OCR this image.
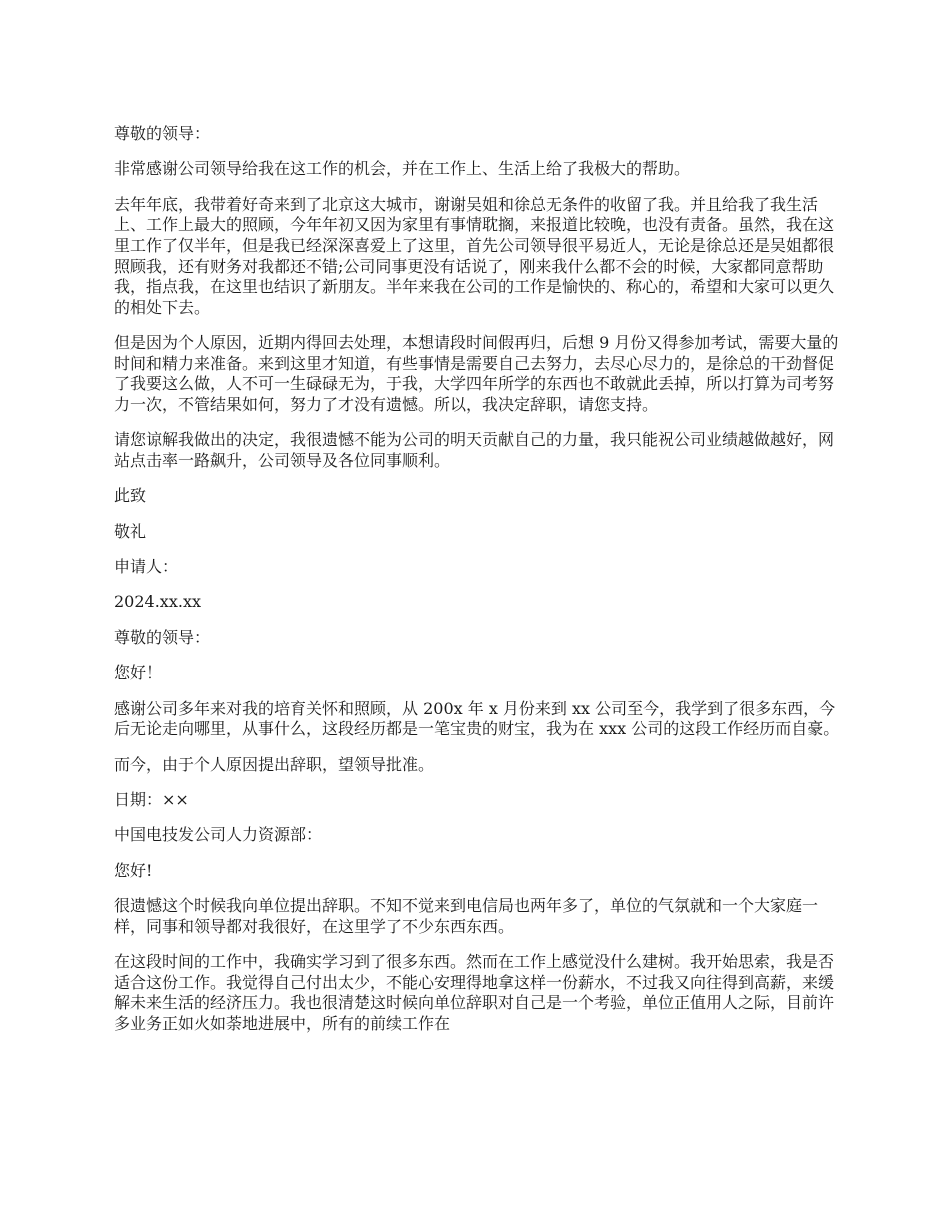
尊敬的领导：

非常感谢公司领导给我在这工作的机会，并在工作上、生活上给了我极大的帮助。

去年年底，我带着好奇来到了北京这大城市，谢谢吴姐和徐总无条件的收留了我。并且给我了我生活上、工作上最大的照顾，今年年初又因为家里有事情耽搁，来报道比较晚，也没有责备。虽然，我在这里工作了仅半年，但是我已经深深喜爱上了这里，首先公司领导很平易近人，无论是徐总还是吴姐都很照顾我，还有财务对我都还不错;公司同事更没有话说了，刚来我什么都不会的时候，大家都同意帮助我，指点我，在这里也结识了新朋友。半年来我在公司的工作是愉快的、称心的，希望和大家可以更久的相处下去。

但是因为个人原因，近期内得回去处理，本想请段时间假再归，后想 9 月份又得参加考试，需要大量的时间和精力来准备。来到这里才知道，有些事情是需要自己去努力，去尽心尽力的，是徐总的干劲督促了我要这么做，人不可一生碌碌无为，于我，大学四年所学的东西也不敢就此丢掉，所以打算为司考努力一次，不管结果如何，努力了才没有遗憾。所以，我决定辞职，请您支持。

请您谅解我做出的决定，我很遗憾不能为公司的明天贡献自己的力量，我只能祝公司业绩越做越好，网站点击率一路飙升，公司领导及各位同事顺利。

此致

敬礼

申请人：

2024.xx.xx

尊敬的领导：

您好！

感谢公司多年来对我的培育关怀和照顾，从 200x 年 x 月份来到 xx 公司至今，我学到了很多东西，今后无论走向哪里，从事什么，这段经历都是一笔宝贵的财宝，我为在 xxx 公司的这段工作经历而自豪。

而今，由于个人原因提出辞职，望领导批准。

日期：××

中国电技发公司人力资源部：

您好!

很遗憾这个时候我向单位提出辞职。不知不觉来到电信局也两年多了，单位的气氛就和一个大家庭一样，同事和领导都对我很好，在这里学了不少东西东西。

在这段时间的工作中，我确实学习到了很多东西。然而在工作上感觉没什么建树。我开始思索，我是否适合这份工作。我觉得自己付出太少，不能心安理得地拿这样一份薪水，不过我又向往得到高薪，来缓解未来生活的经济压力。我也很清楚这时候向单位辞职对自己是一个考验，单位正值用人之际，目前许多业务正如火如荼地进展中，所有的前续工作在
